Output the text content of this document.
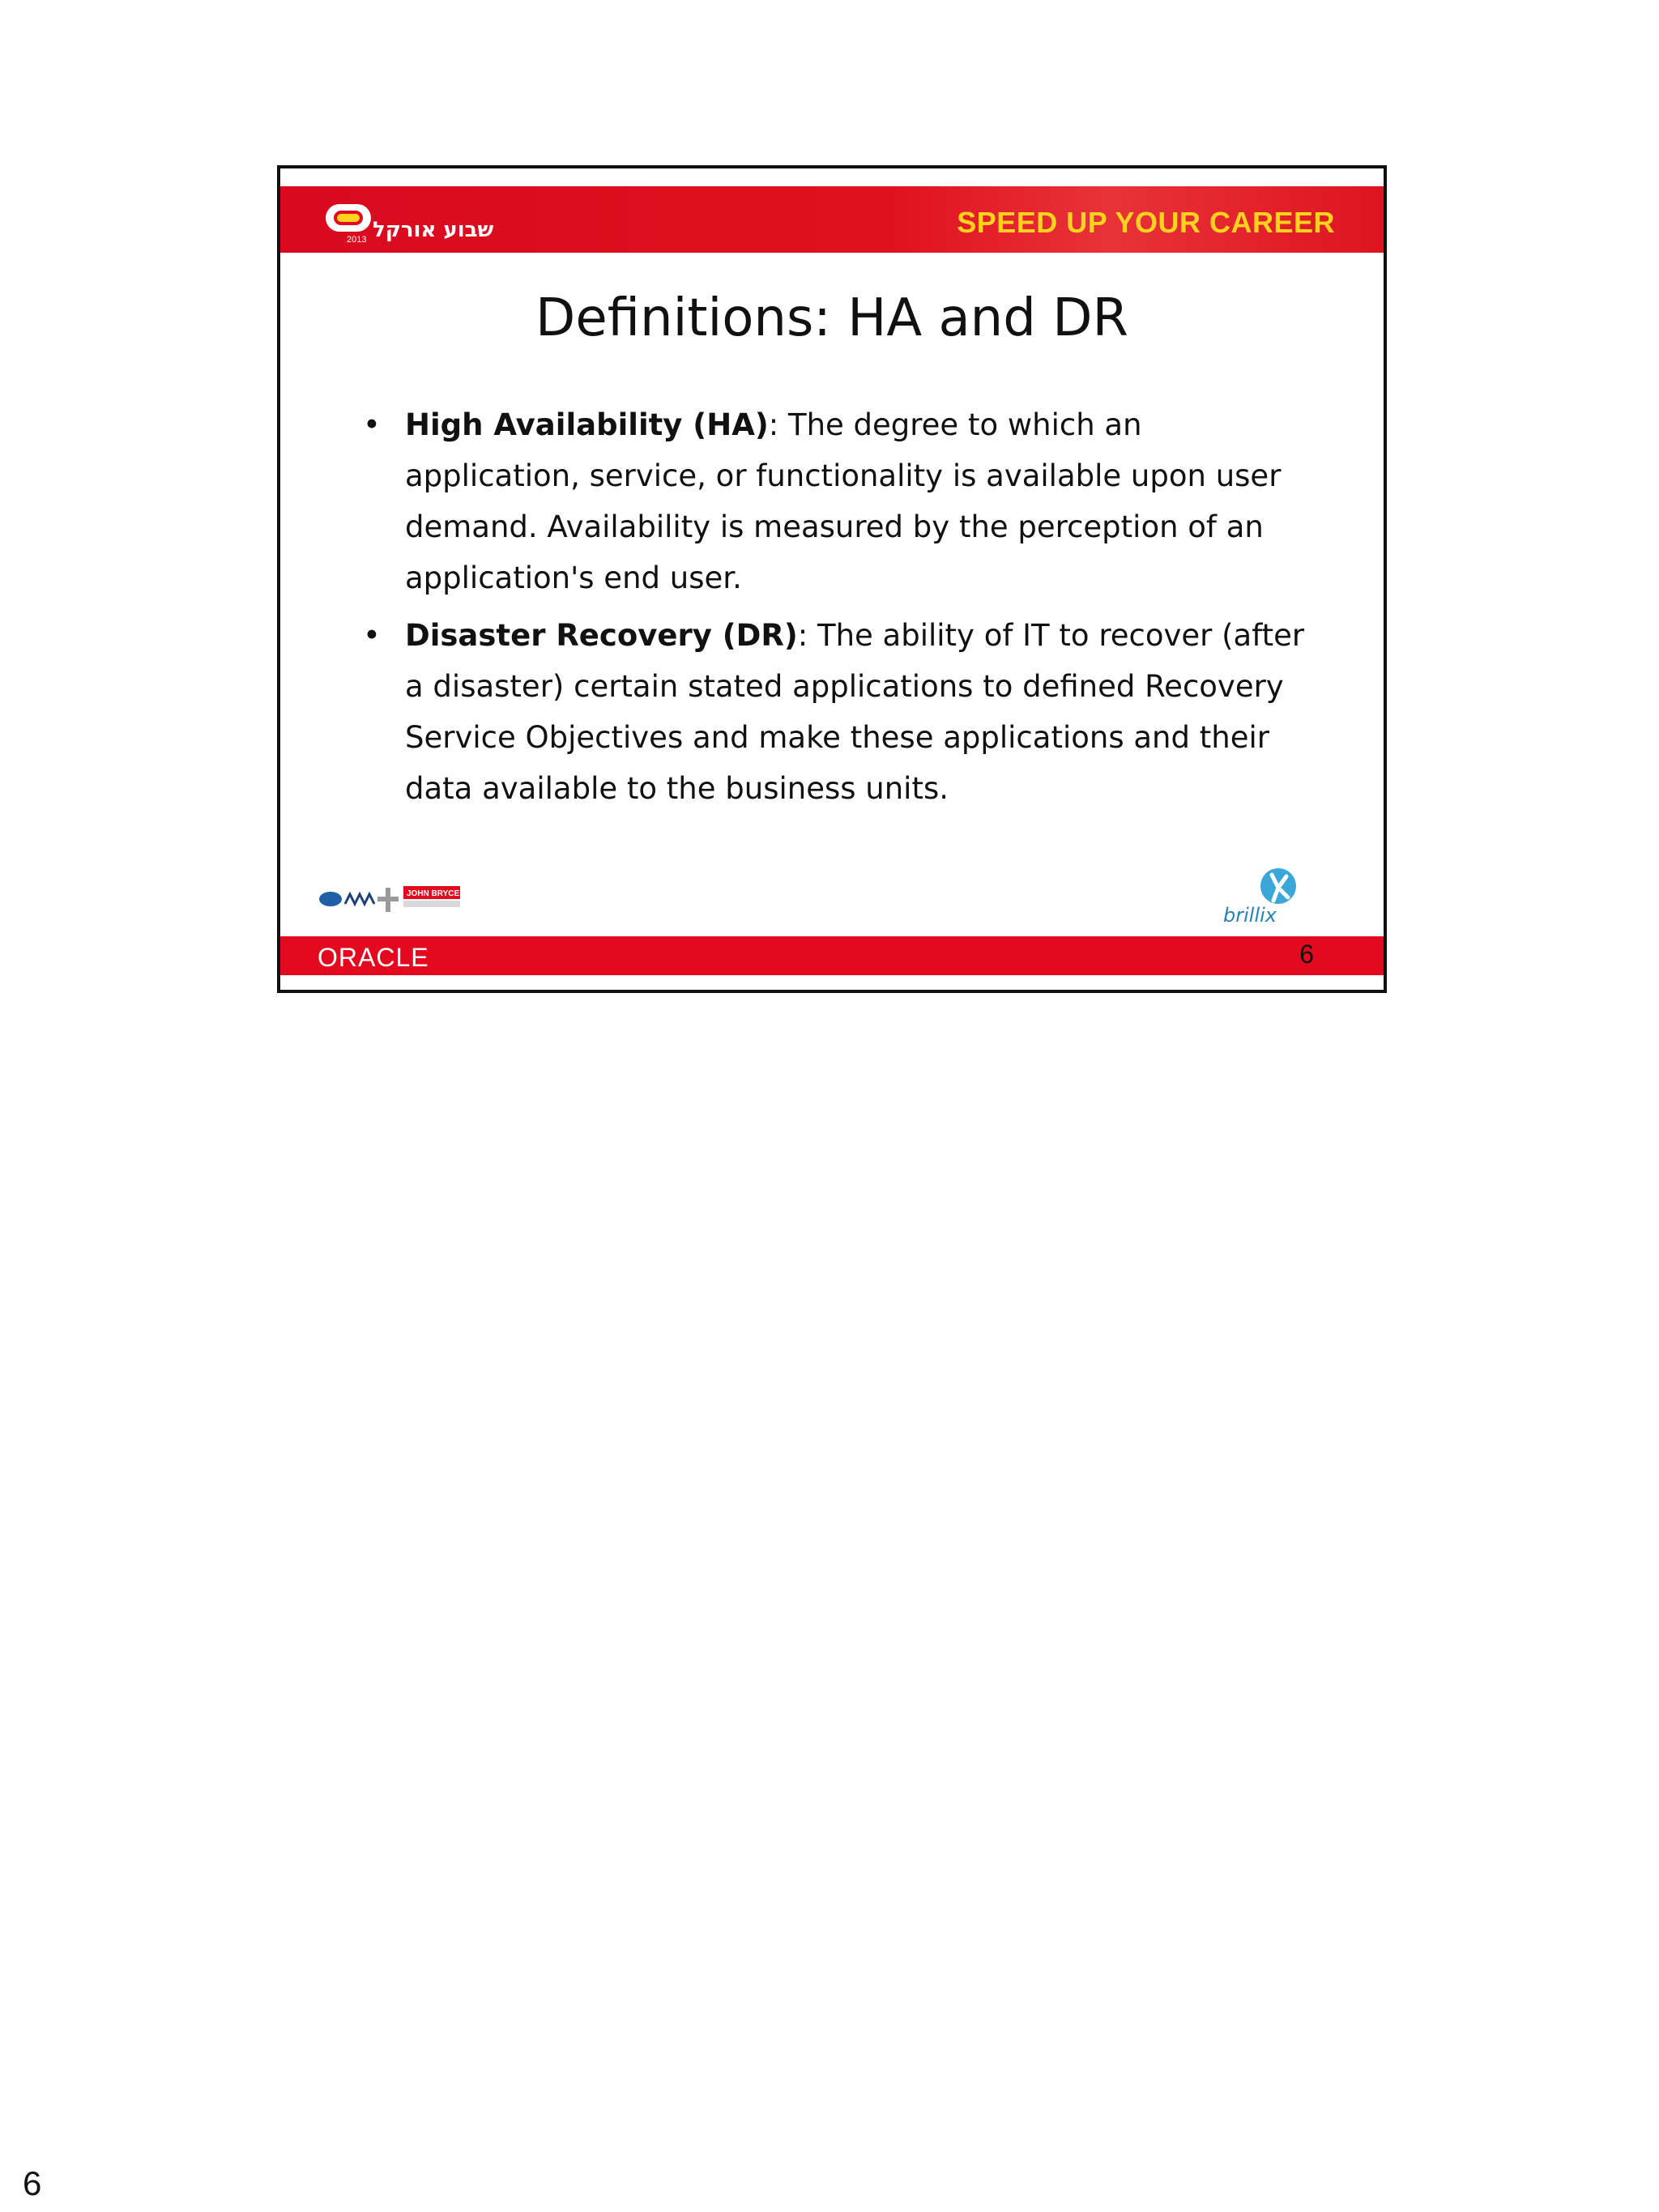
2013 שבוע אורקל	SPEED UP YOUR CAREER
Definitions: HA and DR
• High Availability (HA): The degree to which an application, service, or functionality is available upon user demand. Availability is measured by the perception of an application's end user.
• Disaster Recovery (DR): The ability of IT to recover (after a disaster) certain stated applications to defined Recovery Service Objectives and make these applications and their data available to the business units.
JOHN BRYCE
brillix
ORACLE	6
6
